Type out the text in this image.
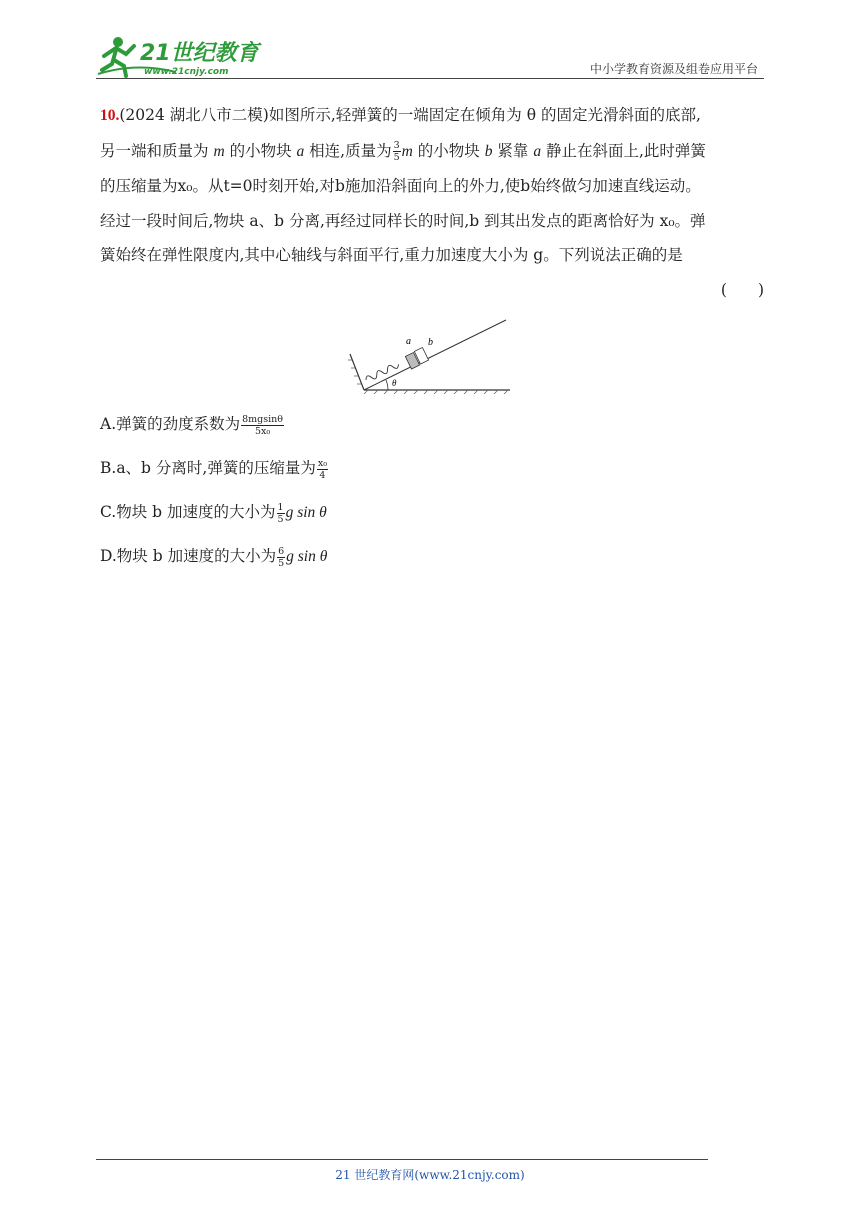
21世纪教育
www.21cnjy.com	中小学教育资源及组卷应用平台
10.(2024 湖北八市二模)如图所示,轻弹簧的一端固定在倾角为 θ 的固定光滑斜面的底部,
另一端和质量为 m 的小物块 a 相连,质量为 $\frac{3}{5}$ m 的小物块 b 紧靠 a 静止在斜面上,此时弹簧
的压缩量为x₀。从t=0时刻开始,对b施加沿斜面向上的外力,使b始终做匀加速直线运动。
经过一段时间后,物块 a、b 分离,再经过同样长的时间,b 到其出发点的距离恰好为 x₀。弹
簧始终在弹性限度内,其中心轴线与斜面平行,重力加速度大小为 g。下列说法正确的是
(　　)
a b
θ
A.弹簧的劲度系数为 $\frac{8mgsin\theta}{\text{5x₀}}$
B.a、b 分离时,弹簧的压缩量为 $\frac{\text{x₀}}{4}$
C.物块 b 加速度的大小为 $\frac{1}{5}$ g sin θ
D.物块 b 加速度的大小为 $\frac{6}{5}$ g sin θ
21 世纪教育网(www.21cnjy.com)
